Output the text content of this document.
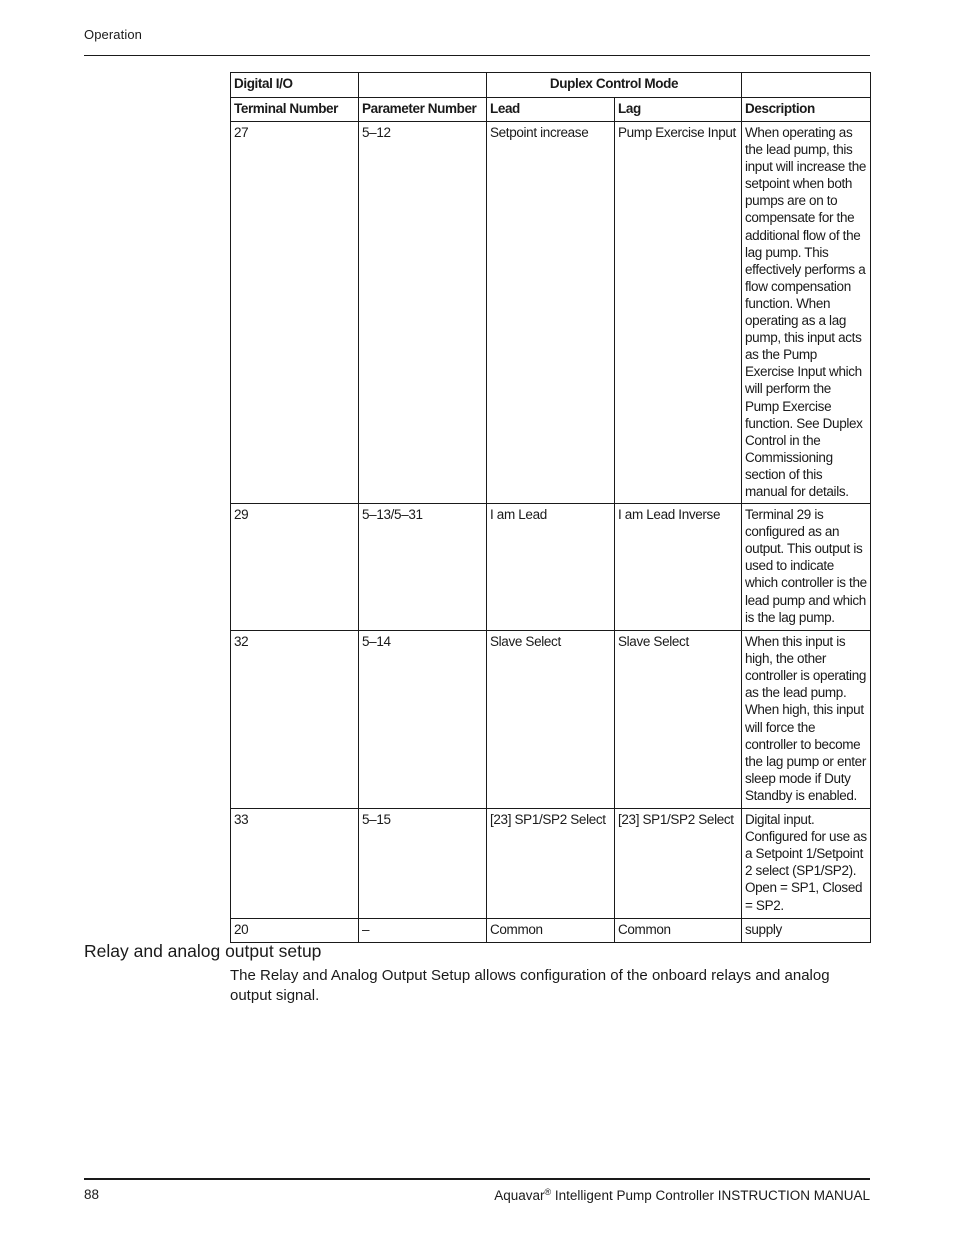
Operation
Digital I/O		Duplex Control Mode		
Terminal Number	Parameter Number	Lead	Lag	Description
27	5–12	Setpoint increase	Pump Exercise Input	When operating as the lead pump, this input will increase the setpoint when both pumps are on to compensate for the additional flow of the lag pump. This effectively performs a flow compensation function. When operating as a lag pump, this input acts as the Pump Exercise Input which will perform the Pump Exercise function. See Duplex Control in the Commissioning section of this manual for details.
29	5–13/5–31	I am Lead	I am Lead Inverse	Terminal 29 is configured as an output. This output is used to indicate which controller is the lead pump and which is the lag pump.
32	5–14	Slave Select	Slave Select	When this input is high, the other controller is operating as the lead pump. When high, this input will force the controller to become the lag pump or enter sleep mode if Duty Standby is enabled.
33	5–15	[23] SP1/SP2 Select	[23] SP1/SP2 Select	Digital input. Configured for use as a Setpoint 1/Setpoint 2 select (SP1/SP2). Open = SP1, Closed = SP2.
20	–	Common	Common	supply
Relay and analog output setup

The Relay and Analog Output Setup allows configuration of the onboard relays and analog output signal.

88	Aquavar® Intelligent Pump Controller INSTRUCTION MANUAL
